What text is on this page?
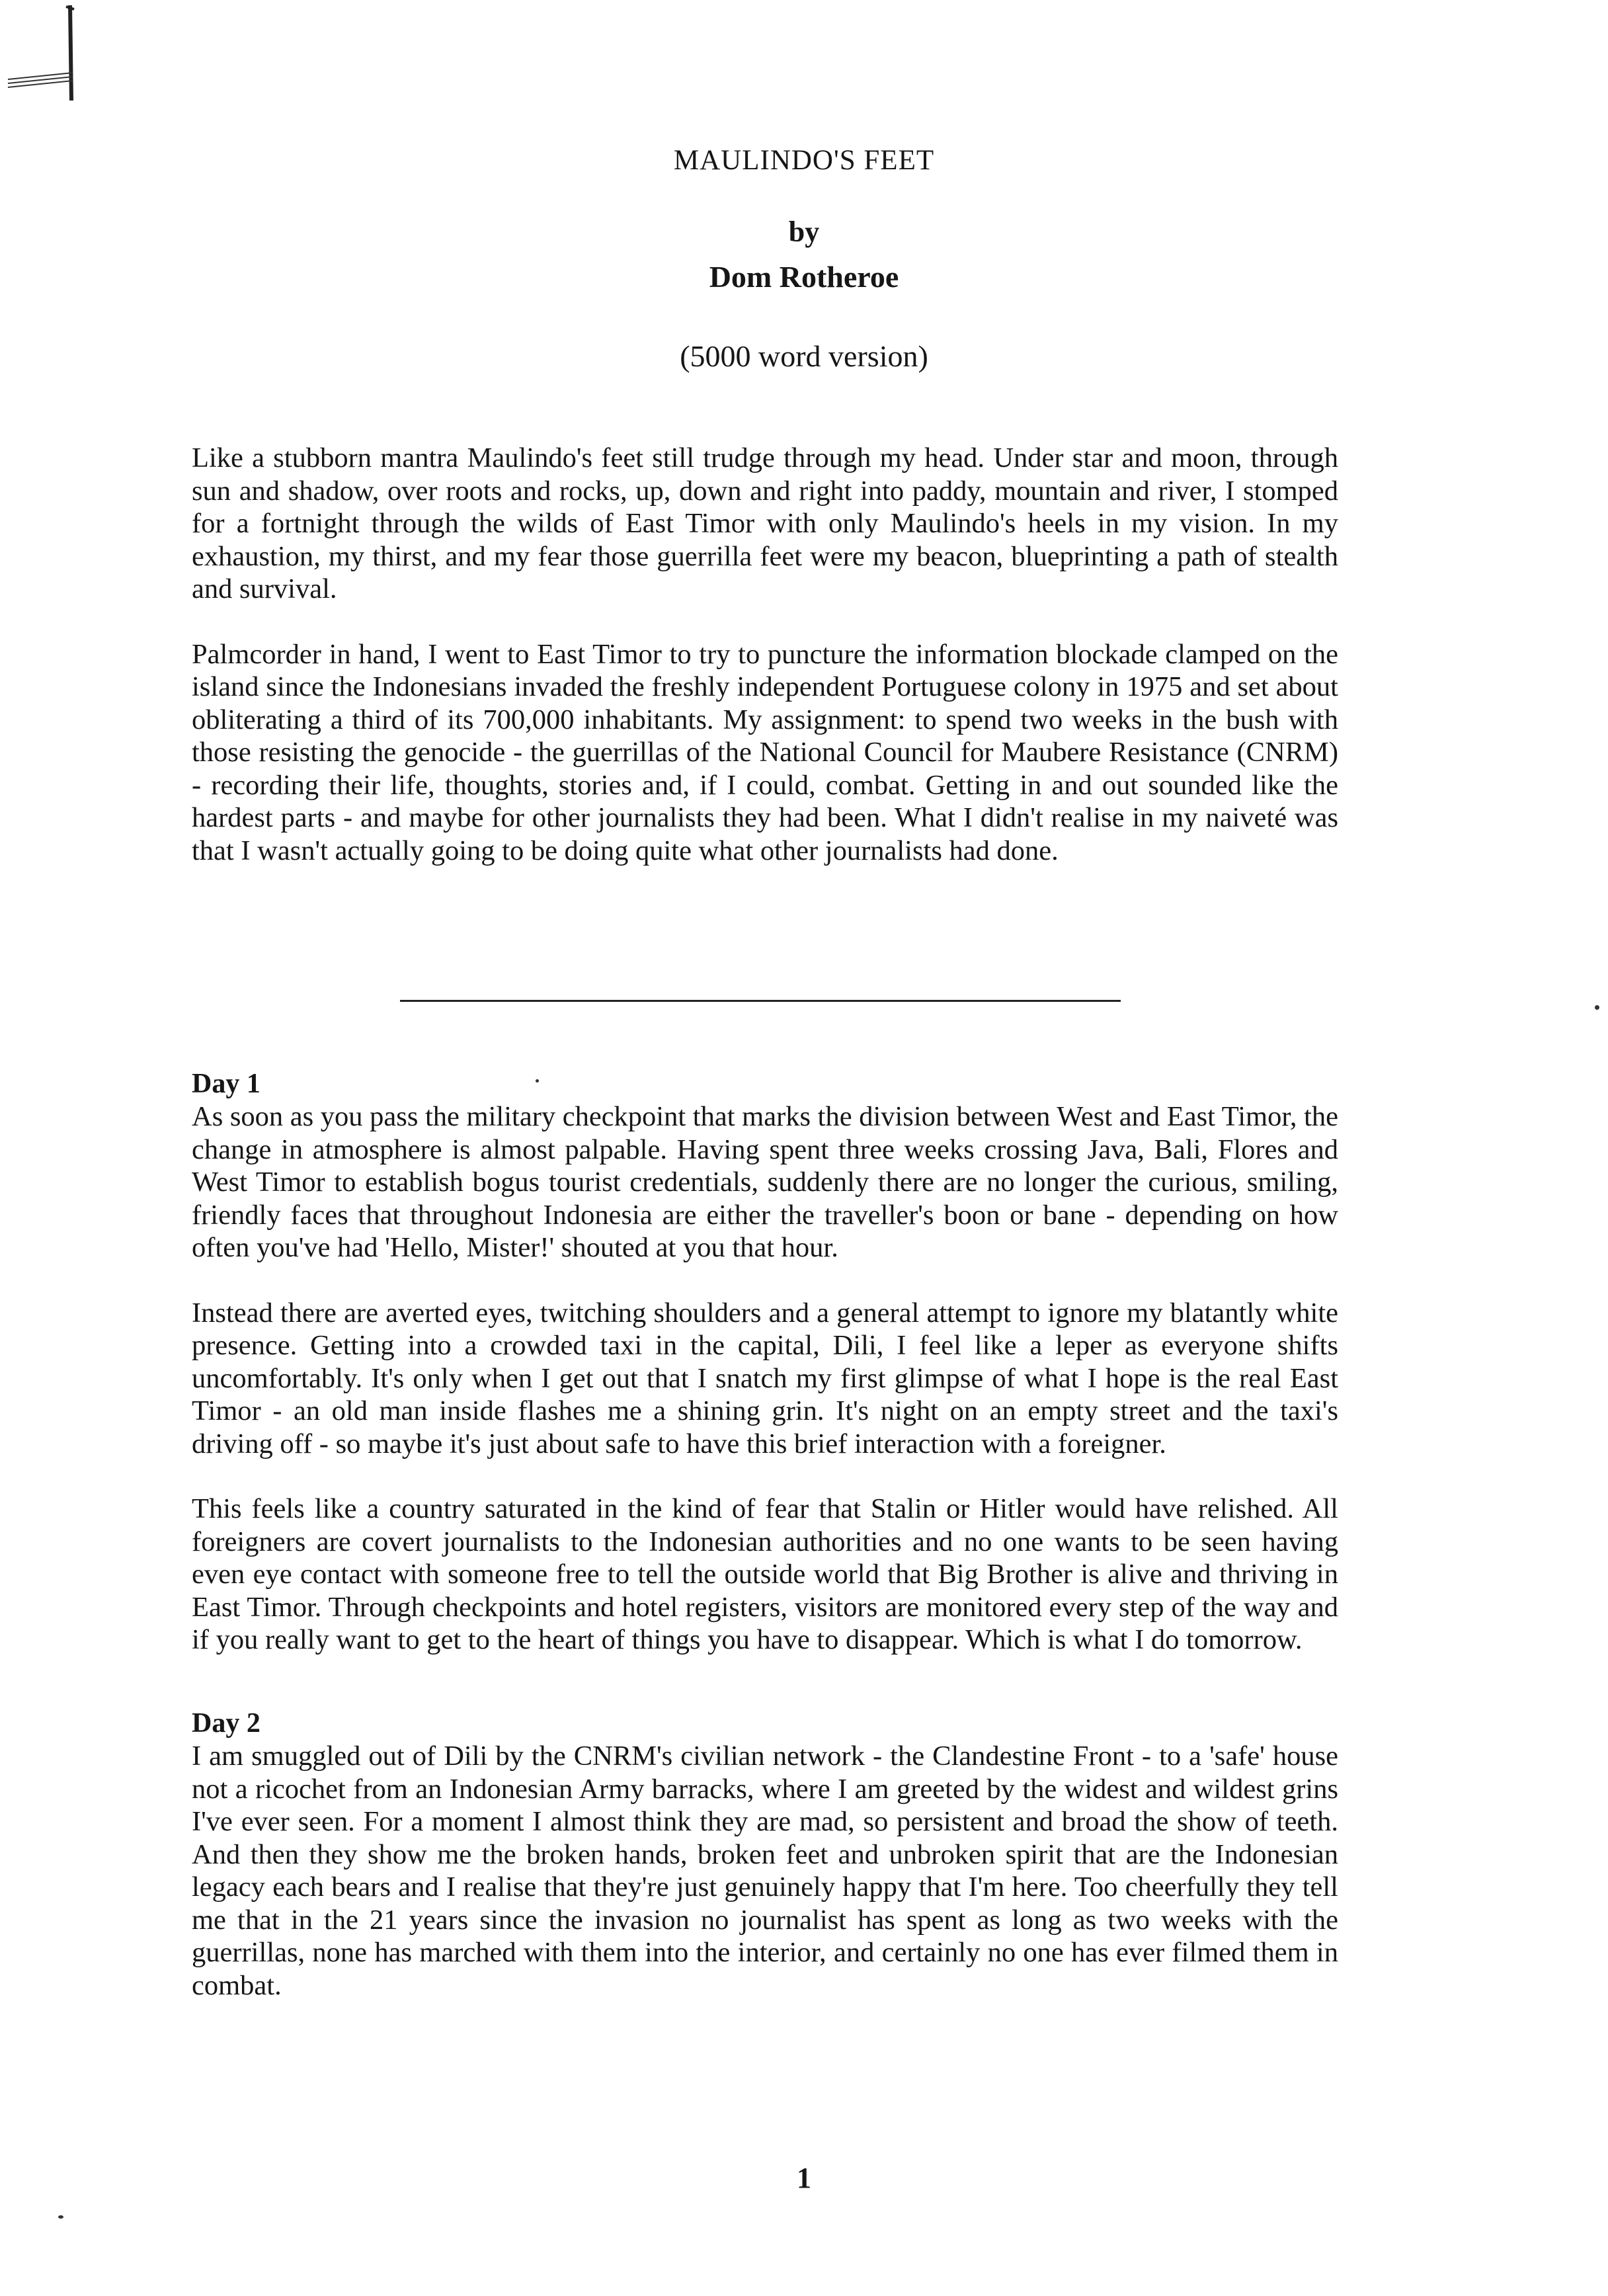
MAULINDO'S FEET
by
Dom Rotheroe
(5000 word version)

Like a stubborn mantra Maulindo's feet still trudge through my head. Under star and moon, through sun and shadow, over roots and rocks, up, down and right into paddy, mountain and river, I stomped for a fortnight through the wilds of East Timor with only Maulindo's heels in my vision. In my exhaustion, my thirst, and my fear those guerrilla feet were my beacon, blueprinting a path of stealth and survival.

Palmcorder in hand, I went to East Timor to try to puncture the information blockade clamped on the island since the Indonesians invaded the freshly independent Portuguese colony in 1975 and set about obliterating a third of its 700,000 inhabitants. My assignment: to spend two weeks in the bush with those resisting the genocide - the guerrillas of the National Council for Maubere Resistance (CNRM) - recording their life, thoughts, stories and, if I could, combat. Getting in and out sounded like the hardest parts - and maybe for other journalists they had been. What I didn't realise in my naiveté was that I wasn't actually going to be doing quite what other journalists had done.

Day 1

As soon as you pass the military checkpoint that marks the division between West and East Timor, the change in atmosphere is almost palpable. Having spent three weeks crossing Java, Bali, Flores and West Timor to establish bogus tourist credentials, suddenly there are no longer the curious, smiling, friendly faces that throughout Indonesia are either the traveller's boon or bane - depending on how often you've had 'Hello, Mister!' shouted at you that hour.

Instead there are averted eyes, twitching shoulders and a general attempt to ignore my blatantly white presence. Getting into a crowded taxi in the capital, Dili, I feel like a leper as everyone shifts uncomfortably. It's only when I get out that I snatch my first glimpse of what I hope is the real East Timor - an old man inside flashes me a shining grin. It's night on an empty street and the taxi's driving off - so maybe it's just about safe to have this brief interaction with a foreigner.

This feels like a country saturated in the kind of fear that Stalin or Hitler would have relished. All foreigners are covert journalists to the Indonesian authorities and no one wants to be seen having even eye contact with someone free to tell the outside world that Big Brother is alive and thriving in East Timor. Through checkpoints and hotel registers, visitors are monitored every step of the way and if you really want to get to the heart of things you have to disappear. Which is what I do tomorrow.

Day 2

I am smuggled out of Dili by the CNRM's civilian network - the Clandestine Front - to a 'safe' house not a ricochet from an Indonesian Army barracks, where I am greeted by the widest and wildest grins I've ever seen. For a moment I almost think they are mad, so persistent and broad the show of teeth. And then they show me the broken hands, broken feet and unbroken spirit that are the Indonesian legacy each bears and I realise that they're just genuinely happy that I'm here. Too cheerfully they tell me that in the 21 years since the invasion no journalist has spent as long as two weeks with the guerrillas, none has marched with them into the interior, and certainly no one has ever filmed them in combat.

1
